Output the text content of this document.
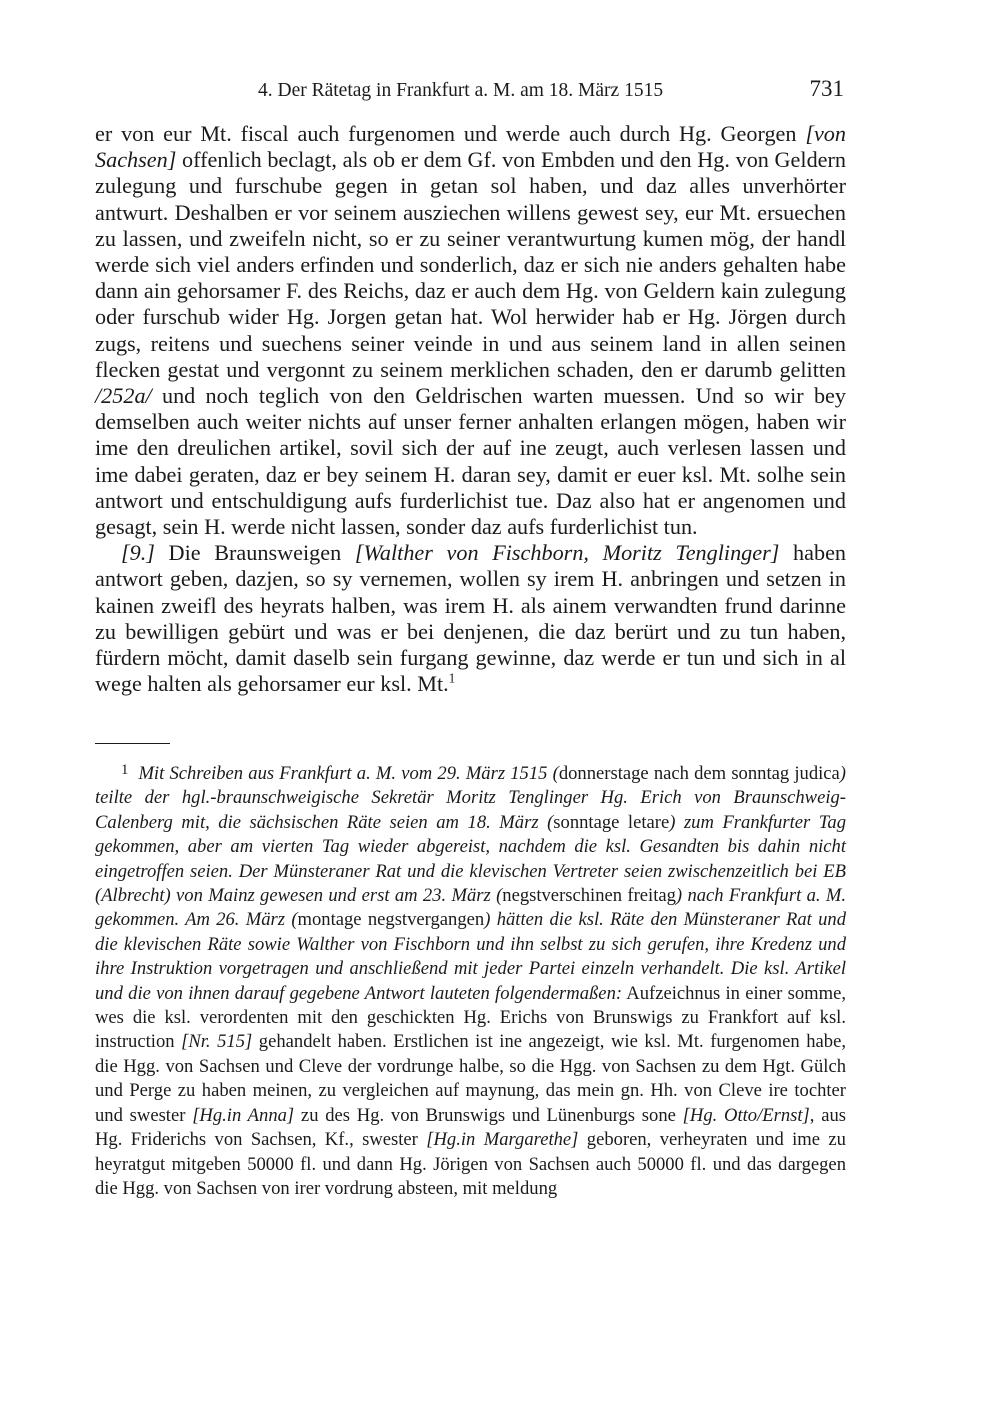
4. Der Rätetag in Frankfurt a. M. am 18. März 1515	731

er von eur Mt. fiscal auch furgenomen und werde auch durch Hg. Georgen [von Sachsen] offenlich beclagt, als ob er dem Gf. von Embden und den Hg. von Geldern zulegung und furschube gegen in getan sol haben, und daz alles unverhörter antwurt. Deshalben er vor seinem ausziechen willens gewest sey, eur Mt. ersuechen zu lassen, und zweifeln nicht, so er zu seiner verantwurtung kumen mög, der handl werde sich viel anders erfinden und sonderlich, daz er sich nie anders gehalten habe dann ain gehorsamer F. des Reichs, daz er auch dem Hg. von Geldern kain zulegung oder furschub wider Hg. Jorgen getan hat. Wol herwider hab er Hg. Jörgen durch zugs, reitens und suechens seiner veinde in und aus seinem land in allen seinen flecken gestat und vergonnt zu seinem merklichen schaden, den er darumb gelitten /252a/ und noch teglich von den Geldrischen warten muessen. Und so wir bey demselben auch weiter nichts auf unser ferner anhalten erlangen mögen, haben wir ime den dreulichen artikel, sovil sich der auf ine zeugt, auch verlesen lassen und ime dabei geraten, daz er bey seinem H. daran sey, damit er euer ksl. Mt. solhe sein antwort und entschuldigung aufs furderlichist tue. Daz also hat er angenomen und gesagt, sein H. werde nicht lassen, sonder daz aufs furderlichist tun.

[9.] Die Braunsweigen [Walther von Fischborn, Moritz Tenglinger] haben antwort geben, dazjen, so sy vernemen, wollen sy irem H. anbringen und setzen in kainen zweifl des heyrats halben, was irem H. als ainem verwandten frund darinne zu bewilligen gebürt und was er bei denjenen, die daz berürt und zu tun haben, fürdern möcht, damit daselb sein furgang gewinne, daz werde er tun und sich in al wege halten als gehorsamer eur ksl. Mt.$^1$

$^1$ Mit Schreiben aus Frankfurt a. M. vom 29. März 1515 (donnerstage nach dem sonntag judica) teilte der hgl.-braunschweigische Sekretär Moritz Tenglinger Hg. Erich von Braunschweig-Calenberg mit, die sächsischen Räte seien am 18. März (sonntage letare) zum Frankfurter Tag gekommen, aber am vierten Tag wieder abgereist, nachdem die ksl. Gesandten bis dahin nicht eingetroffen seien. Der Münsteraner Rat und die klevischen Vertreter seien zwischenzeitlich bei EB (Albrecht) von Mainz gewesen und erst am 23. März (negstverschinen freitag) nach Frankfurt a. M. gekommen. Am 26. März (montage negstvergangen) hätten die ksl. Räte den Münsteraner Rat und die klevischen Räte sowie Walther von Fischborn und ihn selbst zu sich gerufen, ihre Kredenz und ihre Instruktion vorgetragen und anschließend mit jeder Partei einzeln verhandelt. Die ksl. Artikel und die von ihnen darauf gegebene Antwort lauteten folgendermaßen: Aufzeichnus in einer somme, wes die ksl. verordenten mit den geschickten Hg. Erichs von Brunswigs zu Frankfort auf ksl. instruction [Nr. 515] gehandelt haben. Erstlichen ist ine angezeigt, wie ksl. Mt. furgenomen habe, die Hgg. von Sachsen und Cleve der vordrunge halbe, so die Hgg. von Sachsen zu dem Hgt. Gülch und Perge zu haben meinen, zu vergleichen auf maynung, das mein gn. Hh. von Cleve ire tochter und swester [Hg.in Anna] zu des Hg. von Brunswigs und Lünenburgs sone [Hg. Otto/Ernst], aus Hg. Friderichs von Sachsen, Kf., swester [Hg.in Margarethe] geboren, verheyraten und ime zu heyratgut mitgeben 50000 fl. und dann Hg. Jörigen von Sachsen auch 50000 fl. und das dargegen die Hgg. von Sachsen von irer vordrung absteen, mit meldung
